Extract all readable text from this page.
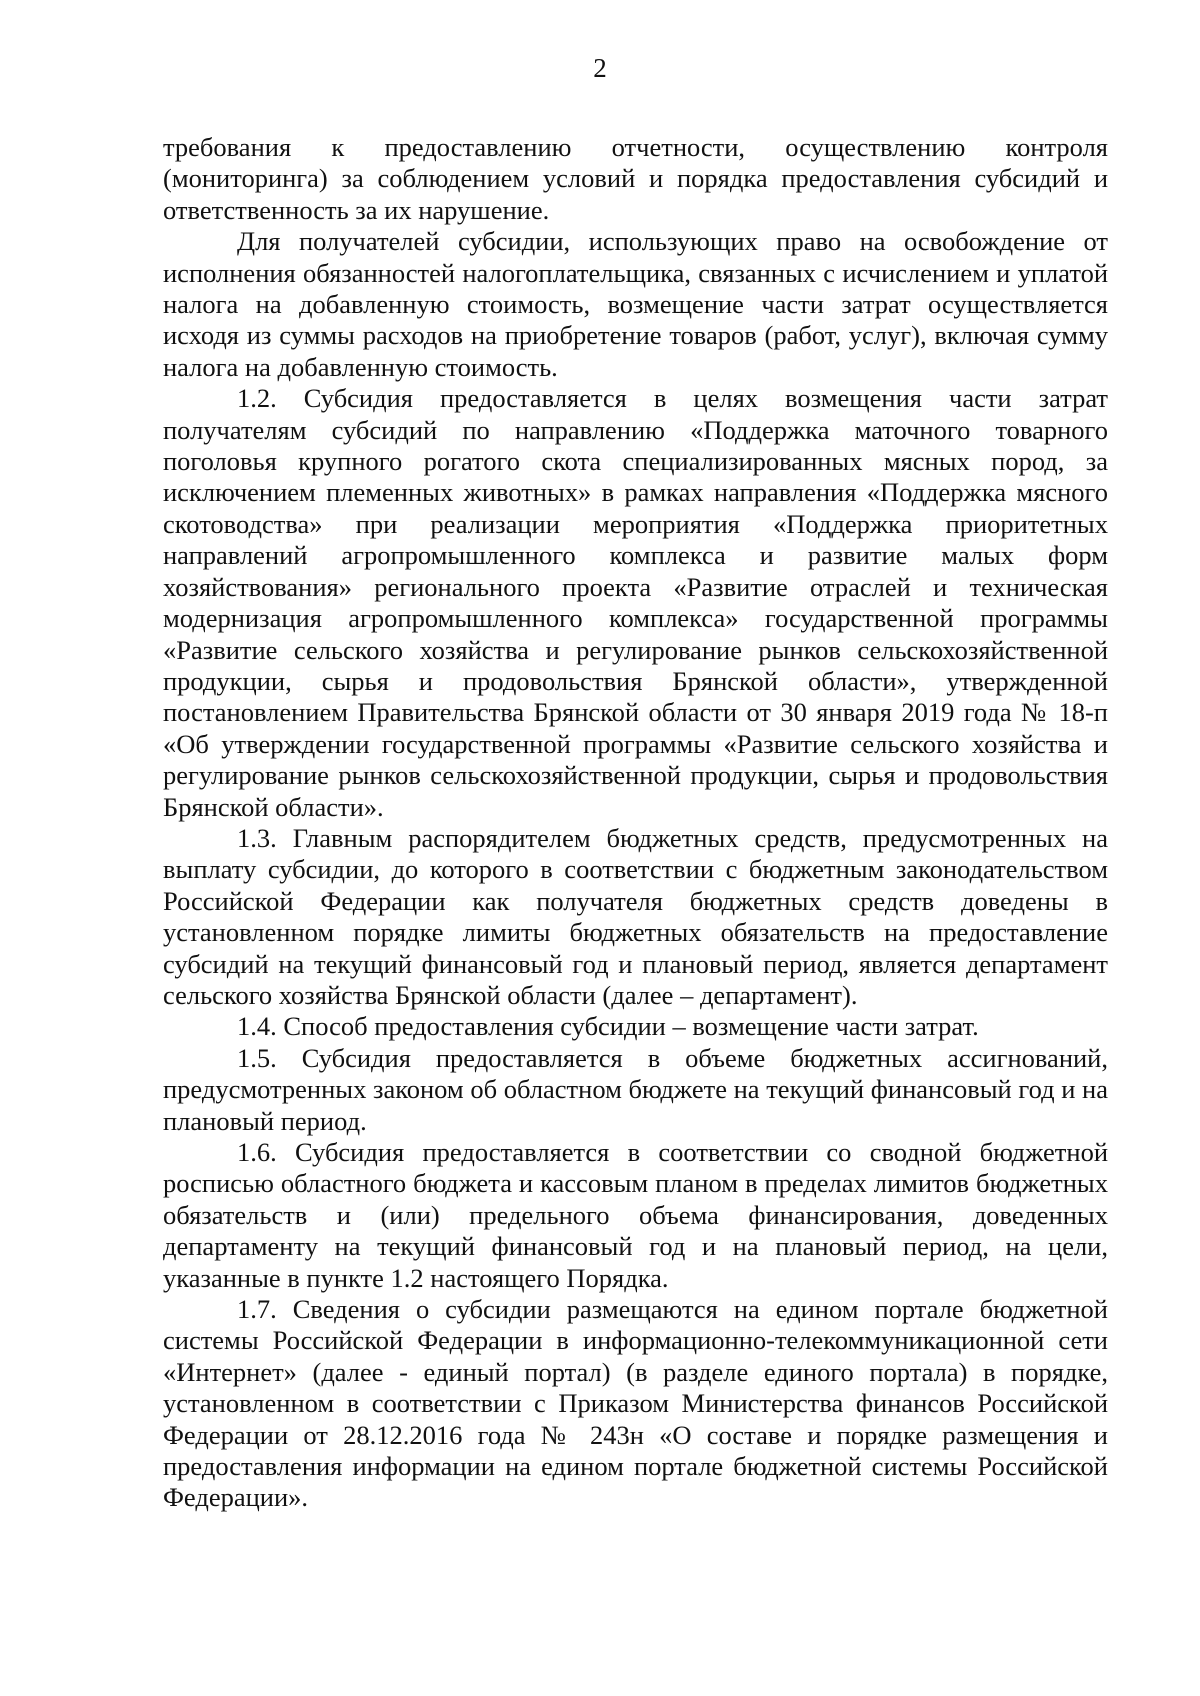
2

требования к предоставлению отчетности, осуществлению контроля (мониторинга) за соблюдением условий и порядка предоставления субсидий и ответственность за их нарушение.

Для получателей субсидии, использующих право на освобождение от исполнения обязанностей налогоплательщика, связанных с исчислением и уплатой налога на добавленную стоимость, возмещение части затрат осуществляется исходя из суммы расходов на приобретение товаров (работ, услуг), включая сумму налога на добавленную стоимость.

1.2. Субсидия предоставляется в целях возмещения части затрат получателям субсидий по направлению «Поддержка маточного товарного поголовья крупного рогатого скота специализированных мясных пород, за исключением племенных животных» в рамках направления «Поддержка мясного скотоводства» при реализации мероприятия «Поддержка приоритетных направлений агропромышленного комплекса и развитие малых форм хозяйствования» регионального проекта «Развитие отраслей и техническая модернизация агропромышленного комплекса» государственной программы «Развитие сельского хозяйства и регулирование рынков сельскохозяйственной продукции, сырья и продовольствия Брянской области», утвержденной постановлением Правительства Брянской области от 30 января 2019 года № 18-п «Об утверждении государственной программы «Развитие сельского хозяйства и регулирование рынков сельскохозяйственной продукции, сырья и продовольствия Брянской области».

1.3. Главным распорядителем бюджетных средств, предусмотренных на выплату субсидии, до которого в соответствии с бюджетным законодательством Российской Федерации как получателя бюджетных средств доведены в установленном порядке лимиты бюджетных обязательств на предоставление субсидий на текущий финансовый год и плановый период, является департамент сельского хозяйства Брянской области (далее – департамент).

1.4. Способ предоставления субсидии – возмещение части затрат.

1.5. Субсидия предоставляется в объеме бюджетных ассигнований, предусмотренных законом об областном бюджете на текущий финансовый год и на плановый период.

1.6. Субсидия предоставляется в соответствии со сводной бюджетной росписью областного бюджета и кассовым планом в пределах лимитов бюджетных обязательств и (или) предельного объема финансирования, доведенных департаменту на текущий финансовый год и на плановый период, на цели, указанные в пункте 1.2 настоящего Порядка.

1.7. Сведения о субсидии размещаются на едином портале бюджетной системы Российской Федерации в информационно-телекоммуникационной сети «Интернет» (далее - единый портал) (в разделе единого портала) в порядке, установленном в соответствии с Приказом Министерства финансов Российской Федерации от 28.12.2016 года № 243н «О составе и порядке размещения и предоставления информации на едином портале бюджетной системы Российской Федерации».
